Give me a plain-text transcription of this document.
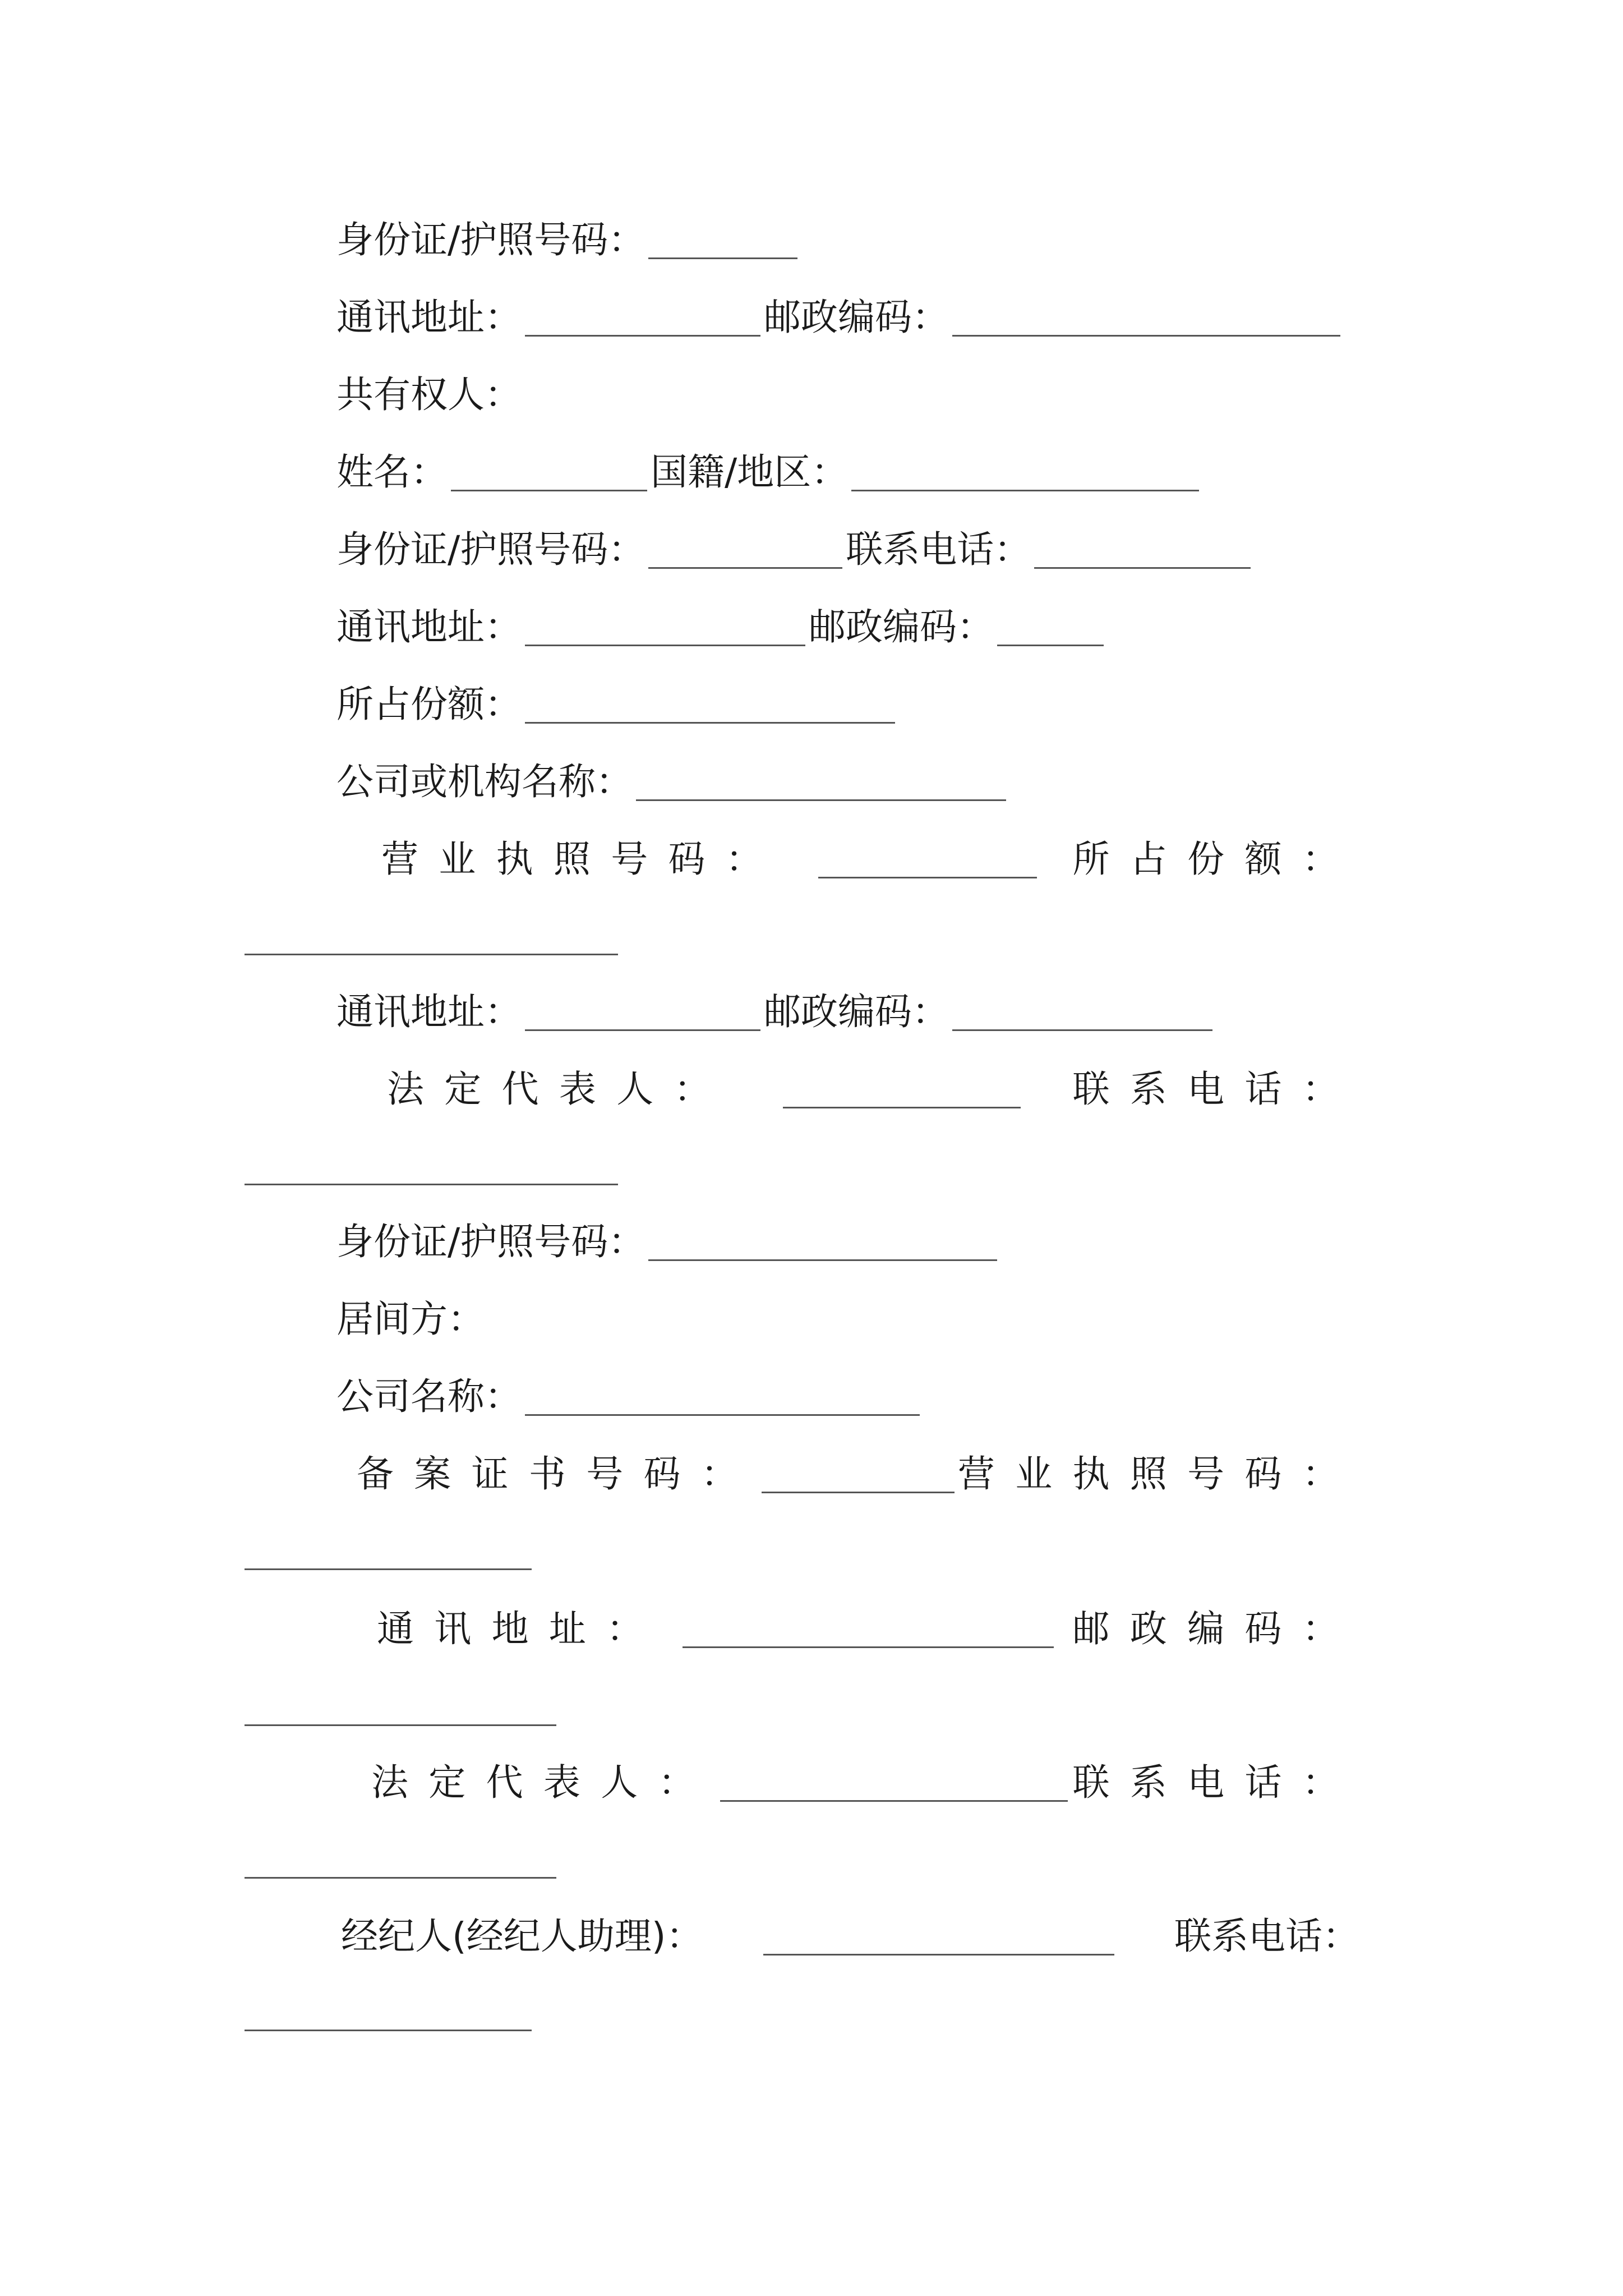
身份证/护照号码：
通讯地址：	邮政编码：
共有权人：
姓名：	国籍/地区：
身份证/护照号码：	联系电话：
通讯地址：	邮政编码：
所占份额：
公司或机构名称：
营业执照号码：	所占份额：
通讯地址：	邮政编码：
法定代表人：	联系电话：
身份证/护照号码：
居间方：
公司名称：
备案证书号码：	营业执照号码：
通讯地址：	邮政编码：
法定代表人：	联系电话：
经纪人(经纪人助理)：	联系电话：
